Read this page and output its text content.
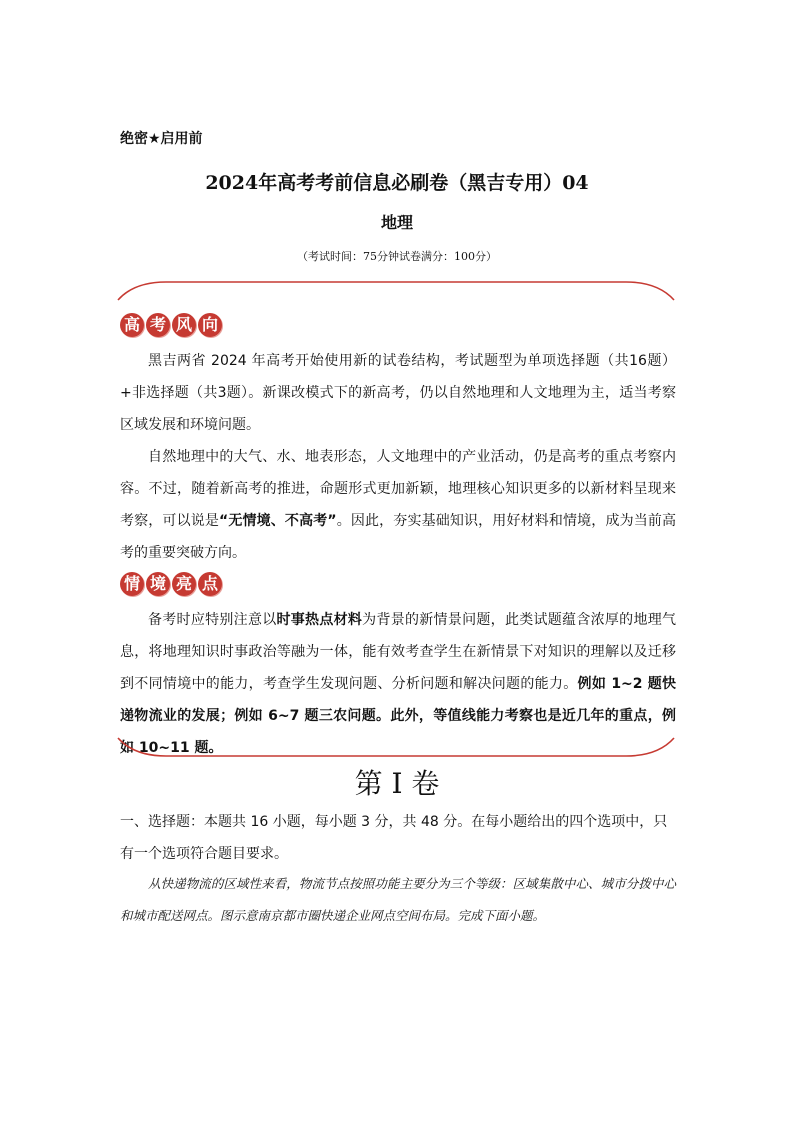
绝密★启用前
2024年高考考前信息必刷卷（黑吉专用）04
地理
（考试时间：75分钟试卷满分：100分）
高 考 风 向
黑吉两省 2024 年高考开始使用新的试卷结构，考试题型为单项选择题（共16题）+非选择题（共3题）。新课改模式下的新高考，仍以自然地理和人文地理为主，适当考察区域发展和环境问题。
自然地理中的大气、水、地表形态，人文地理中的产业活动，仍是高考的重点考察内容。不过，随着新高考的推进，命题形式更加新颖，地理核心知识更多的以新材料呈现来考察，可以说是“无情境、不高考”。因此，夯实基础知识，用好材料和情境，成为当前高考的重要突破方向。
情 境 亮 点
备考时应特别注意以时事热点材料为背景的新情景问题，此类试题蕴含浓厚的地理气息，将地理知识时事政治等融为一体，能有效考查学生在新情景下对知识的理解以及迁移到不同情境中的能力，考查学生发现问题、分析问题和解决问题的能力。例如 1~2 题快递物流业的发展；例如 6~7 题三农问题。此外，等值线能力考察也是近几年的重点，例如 10~11 题。
第 I 卷
一、选择题：本题共 16 小题，每小题 3 分，共 48 分。在每小题给出的四个选项中，只有一个选项符合题目要求。
从快递物流的区域性来看，物流节点按照功能主要分为三个等级：区域集散中心、城市分拨中心和城市配送网点。图示意南京都市圈快递企业网点空间布局。完成下面小题。
